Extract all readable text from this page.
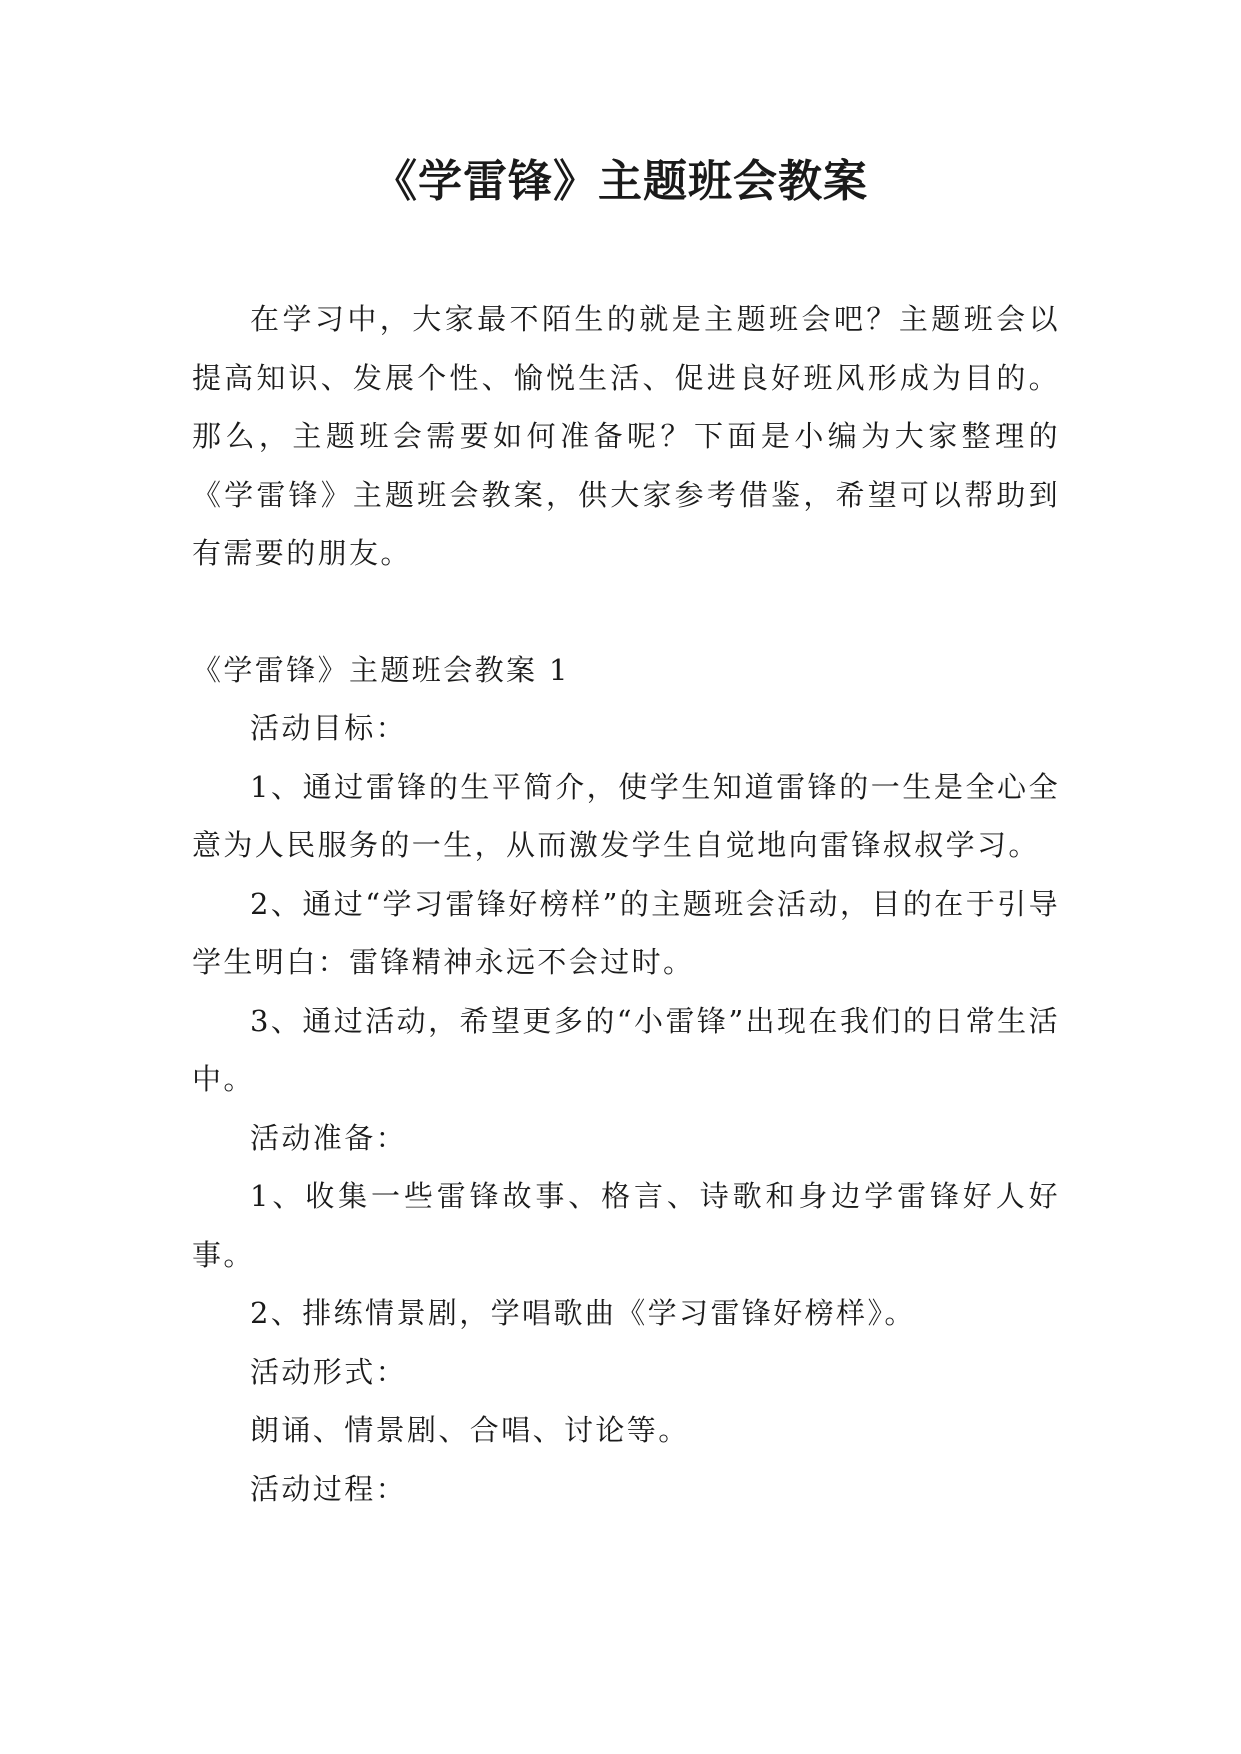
《学雷锋》主题班会教案

在学习中，大家最不陌生的就是主题班会吧？主题班会以提高知识、发展个性、愉悦生活、促进良好班风形成为目的。那么，主题班会需要如何准备呢？下面是小编为大家整理的《学雷锋》主题班会教案，供大家参考借鉴，希望可以帮助到有需要的朋友。

《学雷锋》主题班会教案 1

活动目标：

1、通过雷锋的生平简介，使学生知道雷锋的一生是全心全意为人民服务的一生，从而激发学生自觉地向雷锋叔叔学习。

2、通过“学习雷锋好榜样”的主题班会活动，目的在于引导学生明白：雷锋精神永远不会过时。

3、通过活动，希望更多的“小雷锋”出现在我们的日常生活中。

活动准备：

1、收集一些雷锋故事、格言、诗歌和身边学雷锋好人好事。

2、排练情景剧，学唱歌曲《学习雷锋好榜样》。

活动形式：

朗诵、情景剧、合唱、讨论等。

活动过程：
